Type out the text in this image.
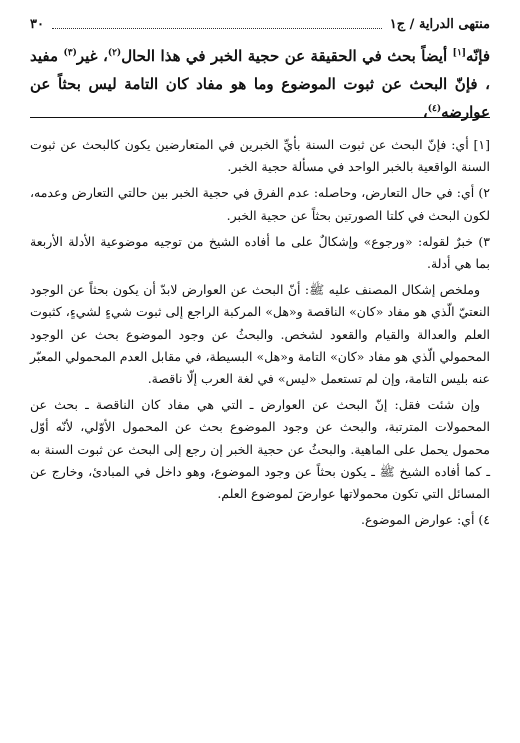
٣٠	منتهى الدراية / ج١

فإنّه[١] أيضاً بحث في الحقيقة عن حجية الخبر في هذا الحال$^{(٢)}$، غير$^{(٣)}$ مفيد ، فإنّ البحث عن ثبوت الموضوع وما هو مفاد كان التامة ليس بحثاً عن عوارضه$^{(٤)}$،

[١] أي: فإنّ البحث عن ثبوت السنة بأيِّ الخبرين في المتعارضين يكون كالبحث عن ثبوت السنة الواقعية بالخبر الواحد في مسألة حجية الخبر.

٢) أي: في حال التعارض، وحاصله: عدم الفرق في حجية الخبر بين حالتي التعارض وعدمه، لكون البحث في كلتا الصورتين بحثاً عن حجية الخبر.

٣) خبرٌ لقوله: «ورجوع» وإشكالٌ على ما أفاده الشيخ من توجيه موضوعية الأدلة الأربعة بما هي أدلة.

وملخص إشكال المصنف عليه ﷺ: أنّ البحث عن العوارض لابدّ أن يكون بحثاً عن الوجود النعتيّ الّذي هو مفاد «كان» الناقصة و«هل» المركبة الراجع إلى ثبوت شيءٍ لشيءٍ، كثبوت العلم والعدالة والقيام والقعود لشخص. والبحثُ عن وجود الموضوع بحث عن الوجود المحمولي الّذي هو مفاد «كان» التامة و«هل» البسيطة، في مقابل العدم المحمولي المعبّر عنه بليس التامة، وإن لم تستعمل «ليس» في لغة العرب إلّا ناقصة.

وإن شئت فقل: إنّ البحث عن العوارض ـ التي هي مفاد كان الناقصة ـ بحث عن المحمولات المترتبة، والبحث عن وجود الموضوع بحث عن المحمول الأوّلي، لأنّه أوّل محمول يحمل على الماهية. والبحثُ عن حجية الخبر إن رجع إلى البحث عن ثبوت السنة به ـ كما أفاده الشيخ ﷺ ـ يكون بحثاً عن وجود الموضوع، وهو داخل في المبادئ، وخارج عن المسائل التي تكون محمولاتها عوارضَ لموضوع العلم.

٤) أي: عوارض الموضوع.
